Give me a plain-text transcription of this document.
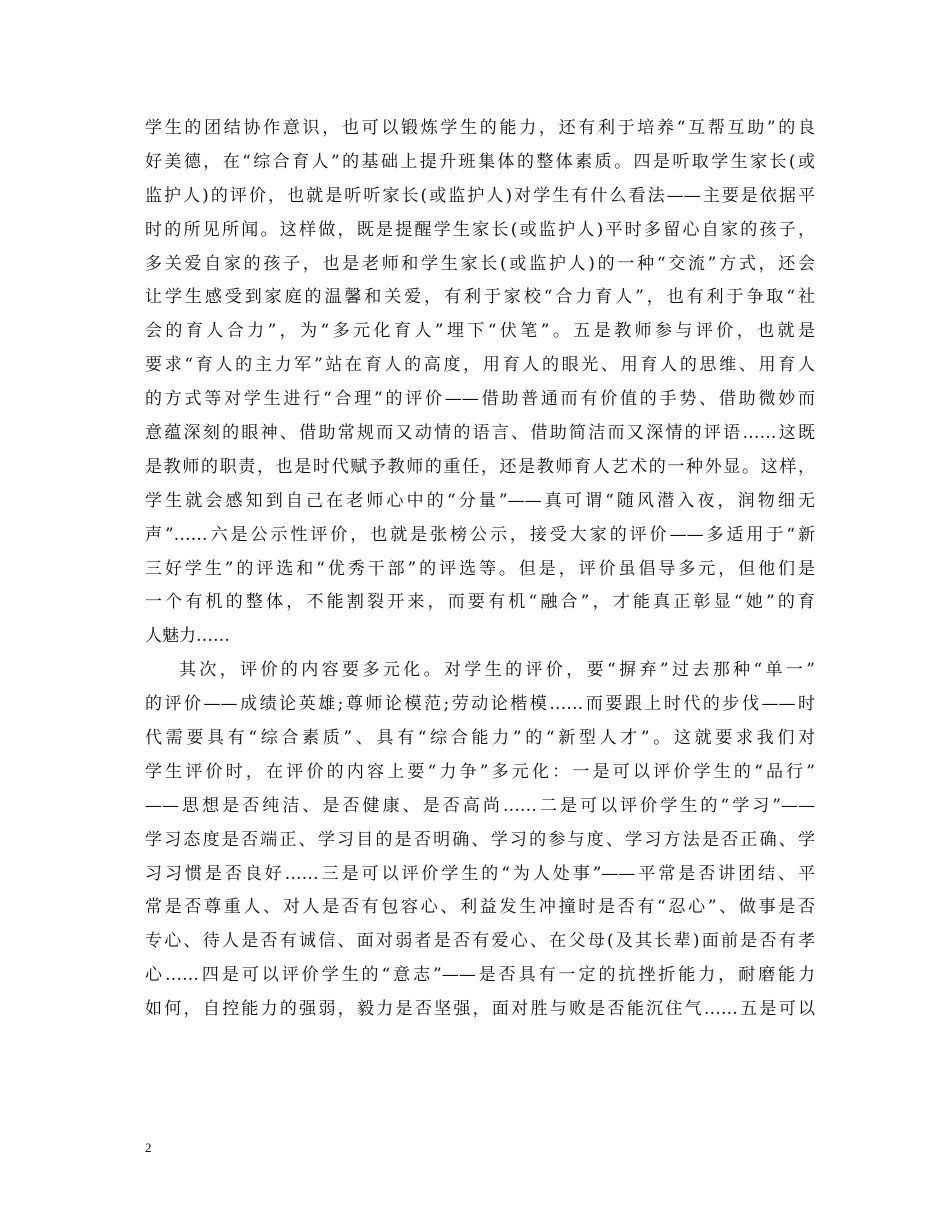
学生的团结协作意识，也可以锻炼学生的能力，还有利于培养“互帮互助”的良
好美德，在“综合育人”的基础上提升班集体的整体素质。四是听取学生家长(或
监护人)的评价，也就是听听家长(或监护人)对学生有什么看法——主要是依据平
时的所见所闻。这样做，既是提醒学生家长(或监护人)平时多留心自家的孩子，
多关爱自家的孩子，也是老师和学生家长(或监护人)的一种“交流”方式，还会
让学生感受到家庭的温馨和关爱，有利于家校“合力育人”，也有利于争取“社
会的育人合力”，为“多元化育人”埋下“伏笔”。五是教师参与评价，也就是
要求“育人的主力军”站在育人的高度，用育人的眼光、用育人的思维、用育人
的方式等对学生进行“合理”的评价——借助普通而有价值的手势、借助微妙而
意蕴深刻的眼神、借助常规而又动情的语言、借助简洁而又深情的评语……这既
是教师的职责，也是时代赋予教师的重任，还是教师育人艺术的一种外显。这样，
学生就会感知到自己在老师心中的“分量”——真可谓“随风潜入夜，润物细无
声”……六是公示性评价，也就是张榜公示，接受大家的评价——多适用于“新
三好学生”的评选和“优秀干部”的评选等。但是，评价虽倡导多元，但他们是
一个有机的整体，不能割裂开来，而要有机“融合”，才能真正彰显“她”的育
人魅力……
其次，评价的内容要多元化。对学生的评价，要“摒弃”过去那种“单一”
的评价——成绩论英雄;尊师论模范;劳动论楷模……而要跟上时代的步伐——时
代需要具有“综合素质”、具有“综合能力”的“新型人才”。这就要求我们对
学生评价时，在评价的内容上要“力争”多元化：一是可以评价学生的“品行”
——思想是否纯洁、是否健康、是否高尚……二是可以评价学生的“学习”——
学习态度是否端正、学习目的是否明确、学习的参与度、学习方法是否正确、学
习习惯是否良好……三是可以评价学生的“为人处事”——平常是否讲团结、平
常是否尊重人、对人是否有包容心、利益发生冲撞时是否有“忍心”、做事是否
专心、待人是否有诚信、面对弱者是否有爱心、在父母(及其长辈)面前是否有孝
心……四是可以评价学生的“意志”——是否具有一定的抗挫折能力，耐磨能力
如何，自控能力的强弱，毅力是否坚强，面对胜与败是否能沉住气……五是可以
2
